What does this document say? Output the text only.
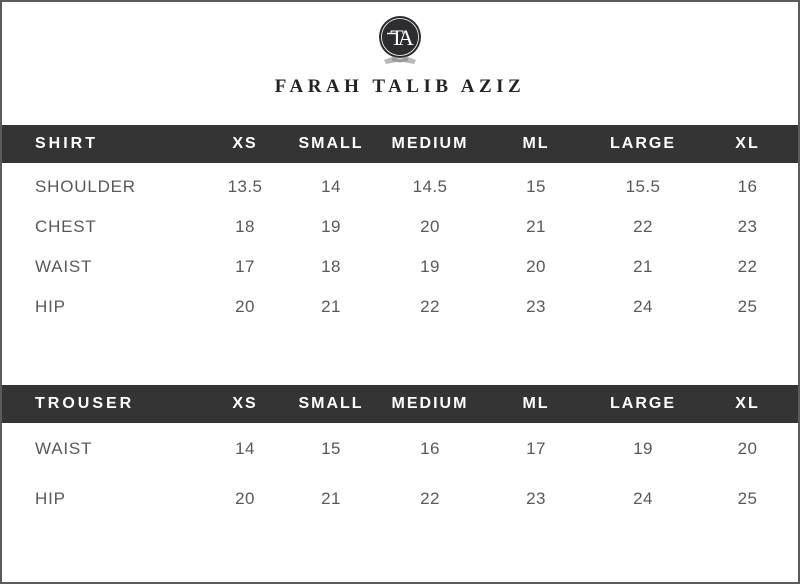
TA
FARAH TALIB AZIZ
SHIRT	XS	SMALL	MEDIUM	ML	LARGE	XL
SHOULDER	13.5	14	14.5	15	15.5	16
CHEST	18	19	20	21	22	23
WAIST	17	18	19	20	21	22
HIP	20	21	22	23	24	25
TROUSER	XS	SMALL	MEDIUM	ML	LARGE	XL
WAIST	14	15	16	17	19	20
HIP	20	21	22	23	24	25
